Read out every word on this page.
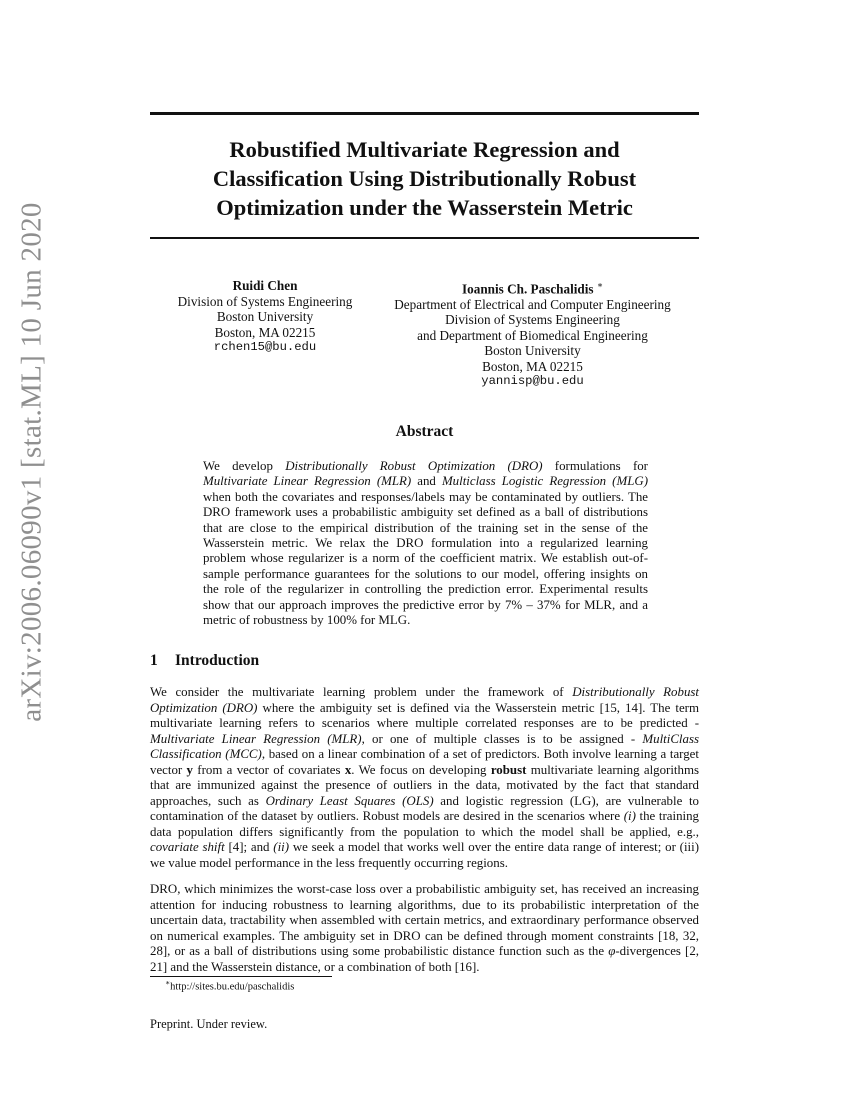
arXiv:2006.06090v1 [stat.ML] 10 Jun 2020
Robustified Multivariate Regression and
Classification Using Distributionally Robust
Optimization under the Wasserstein Metric
Ruidi Chen
Division of Systems Engineering
Boston University
Boston, MA 02215
rchen15@bu.edu
Ioannis Ch. Paschalidis ∗
Department of Electrical and Computer Engineering
Division of Systems Engineering
and Department of Biomedical Engineering
Boston University
Boston, MA 02215
yannisp@bu.edu
Abstract
We develop Distributionally Robust Optimization (DRO) formulations for Multivariate Linear Regression (MLR) and Multiclass Logistic Regression (MLG) when both the covariates and responses/labels may be contaminated by outliers. The DRO framework uses a probabilistic ambiguity set defined as a ball of distributions that are close to the empirical distribution of the training set in the sense of the Wasserstein metric. We relax the DRO formulation into a regularized learning problem whose regularizer is a norm of the coefficient matrix. We establish out-of-sample performance guarantees for the solutions to our model, offering insights on the role of the regularizer in controlling the prediction error. Experimental results show that our approach improves the predictive error by 7% – 37% for MLR, and a metric of robustness by 100% for MLG.
1 Introduction
We consider the multivariate learning problem under the framework of Distributionally Robust Optimization (DRO) where the ambiguity set is defined via the Wasserstein metric [15, 14]. The term multivariate learning refers to scenarios where multiple correlated responses are to be predicted - Multivariate Linear Regression (MLR), or one of multiple classes is to be assigned - MultiClass Classification (MCC), based on a linear combination of a set of predictors. Both involve learning a target vector y from a vector of covariates x. We focus on developing robust multivariate learning algorithms that are immunized against the presence of outliers in the data, motivated by the fact that standard approaches, such as Ordinary Least Squares (OLS) and logistic regression (LG), are vulnerable to contamination of the dataset by outliers. Robust models are desired in the scenarios where (i) the training data population differs significantly from the population to which the model shall be applied, e.g., covariate shift [4]; and (ii) we seek a model that works well over the entire data range of interest; or (iii) we value model performance in the less frequently occurring regions.
DRO, which minimizes the worst-case loss over a probabilistic ambiguity set, has received an increasing attention for inducing robustness to learning algorithms, due to its probabilistic interpretation of the uncertain data, tractability when assembled with certain metrics, and extraordinary performance observed on numerical examples. The ambiguity set in DRO can be defined through moment constraints [18, 32, 28], or as a ball of distributions using some probabilistic distance function such as the φ-divergences [2, 21] and the Wasserstein distance, or a combination of both [16].
∗http://sites.bu.edu/paschalidis
Preprint. Under review.
